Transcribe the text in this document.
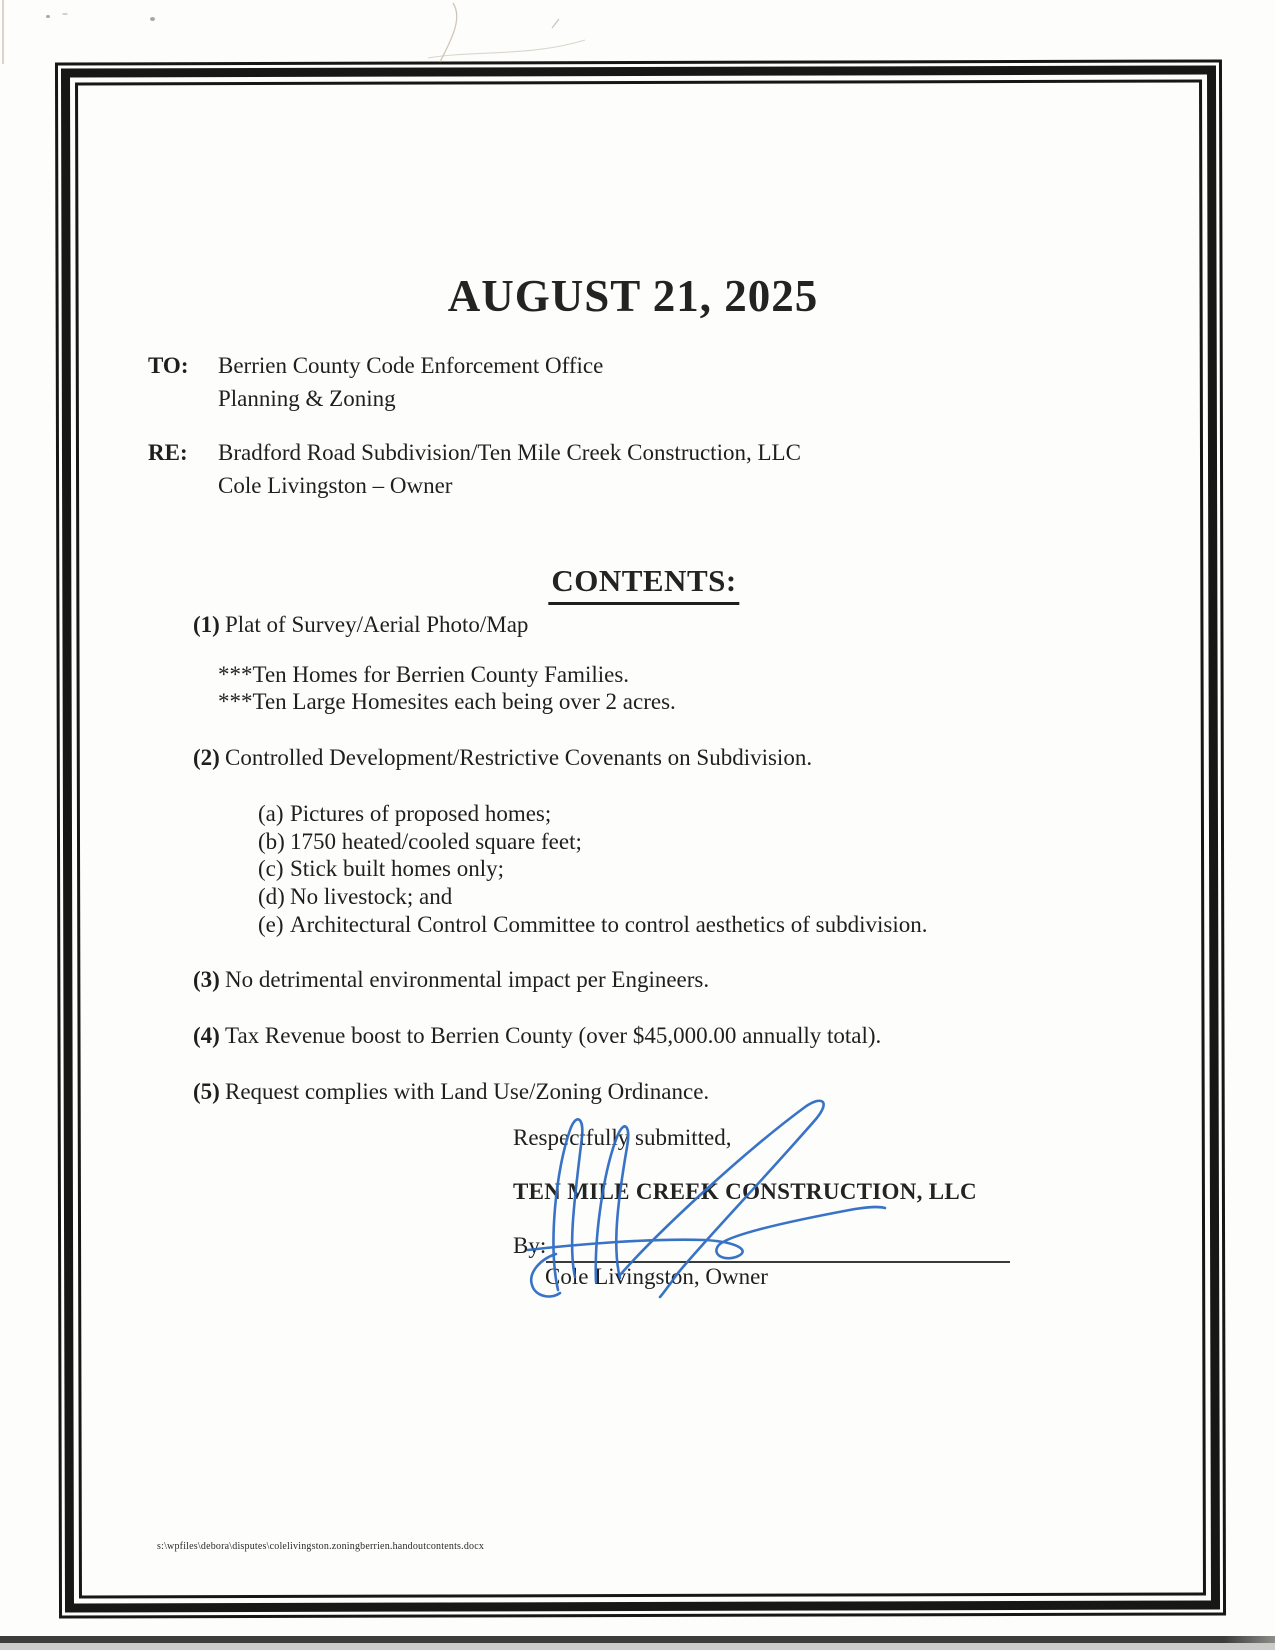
AUGUST 21, 2025
TO:	Berrien County Code Enforcement Office
Planning & Zoning
RE:	Bradford Road Subdivision/Ten Mile Creek Construction, LLC
Cole Livingston – Owner
CONTENTS:
(1) Plat of Survey/Aerial Photo/Map
***Ten Homes for Berrien County Families.
***Ten Large Homesites each being over 2 acres.
(2) Controlled Development/Restrictive Covenants on Subdivision.
(a) Pictures of proposed homes;
(b) 1750 heated/cooled square feet;
(c) Stick built homes only;
(d) No livestock; and
(e) Architectural Control Committee to control aesthetics of subdivision.
(3) No detrimental environmental impact per Engineers.
(4) Tax Revenue boost to Berrien County (over $45,000.00 annually total).
(5) Request complies with Land Use/Zoning Ordinance.
Respectfully submitted,
TEN MILE CREEK CONSTRUCTION, LLC
By:
Cole Livingston, Owner
s:\wpfiles\debora\disputes\colelivingston.zoningberrien.handoutcontents.docx
